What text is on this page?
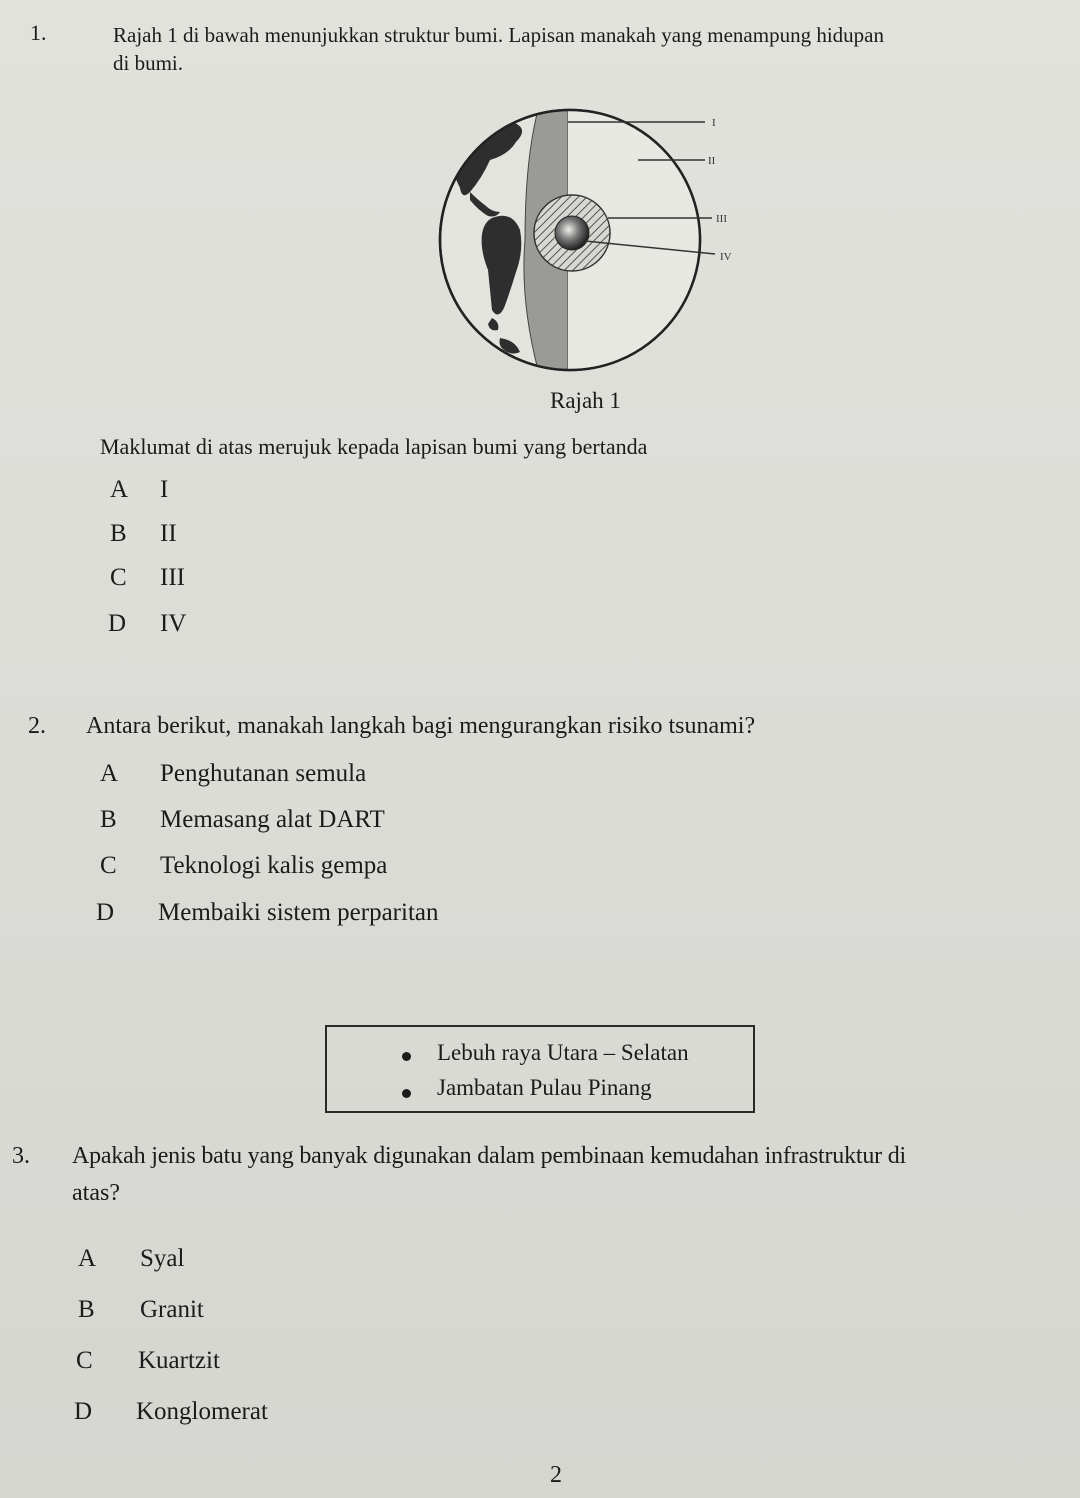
1.	Rajah 1 di bawah menunjukkan struktur bumi. Lapisan manakah yang menampung hidupan
di bumi.
I
II
III
IV
Rajah 1
Maklumat di atas merujuk kepada lapisan bumi yang bertanda
A I
B II
C III
D IV
2. Antara berikut, manakah langkah bagi mengurangkan risiko tsunami?
A Penghutanan semula
B Memasang alat DART
C Teknologi kalis gempa
D Membaiki sistem perparitan
Lebuh raya Utara – Selatan
Jambatan Pulau Pinang
3. Apakah jenis batu yang banyak digunakan dalam pembinaan kemudahan infrastruktur di
atas?
A Syal
B Granit
C Kuartzit
D Konglomerat
2
